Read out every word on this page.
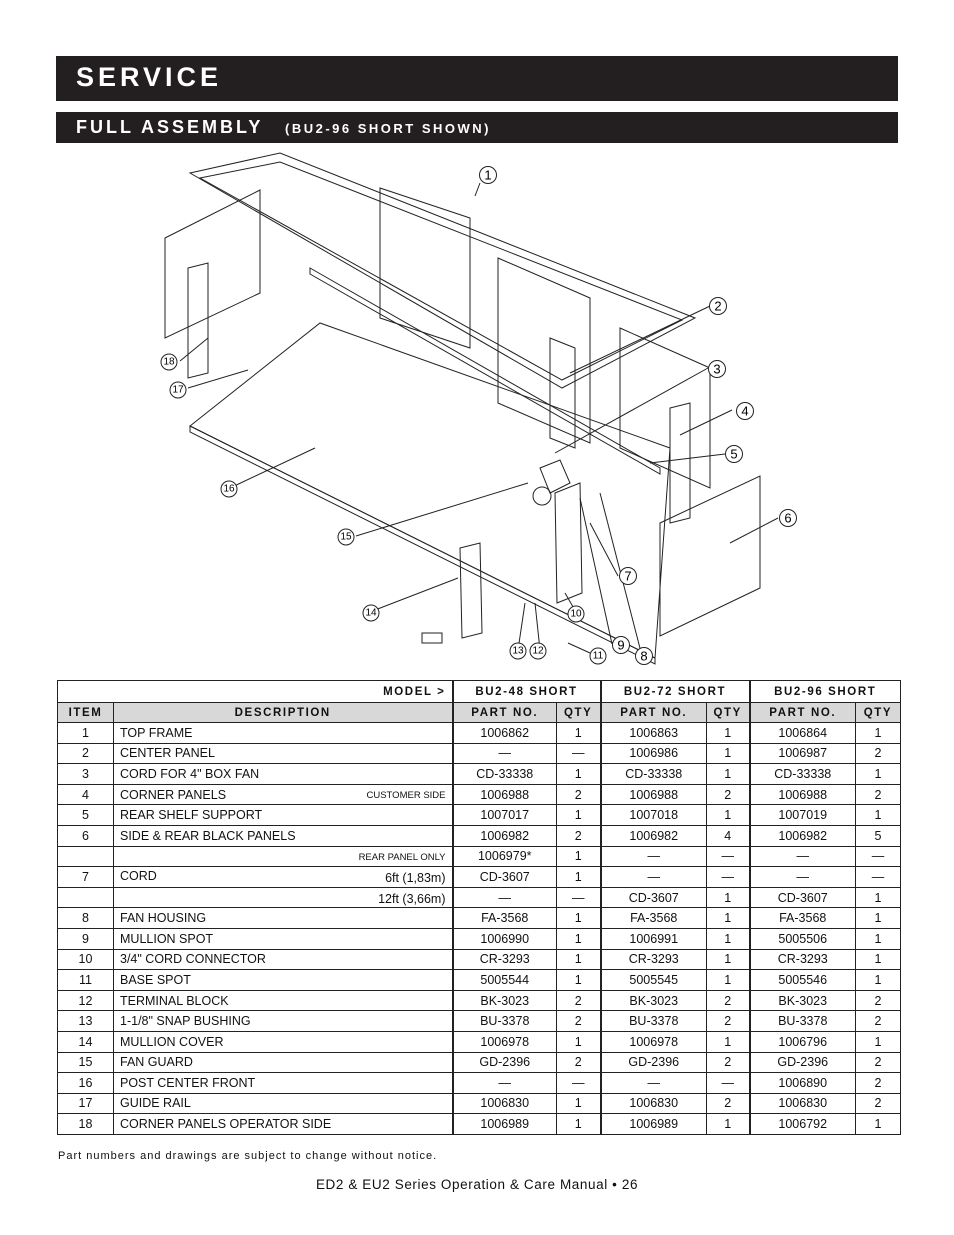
SERVICE
FULL ASSEMBLY (BU2-96 SHORT SHOWN)
1
2
3
4
5
6
7
8
9
10
11
12
13
14
15
16
17
18
MODEL >		BU2-48 SHORT		BU2-72 SHORT		BU2-96 SHORT	
ITEM	DESCRIPTION	PART NO.	QTY	PART NO.	QTY	PART NO.	QTY
1	TOP FRAME	1006862	1	1006863	1	1006864	1
2	CENTER PANEL	—	—	1006986	1	1006987	2
3	CORD FOR 4" BOX FAN	CD-33338	1	CD-33338	1	CD-33338	1
4	CORNER PANELS CUSTOMER SIDE	1006988	2	1006988	2	1006988	2
5	REAR SHELF SUPPORT	1007017	1	1007018	1	1007019	1
6	SIDE & REAR BLACK PANELS	1006982	2	1006982	4	1006982	5

	REAR PANEL ONLY	1006979*	1	—	—	—	—
7	CORD 6ft (1,83m)	CD-3607	1	—	—	—	—

	12ft (3,66m)	—	—	CD-3607	1	CD-3607	1
8	FAN HOUSING	FA-3568	1	FA-3568	1	FA-3568	1
9	MULLION SPOT	1006990	1	1006991	1	5005506	1
10	3/4" CORD CONNECTOR	CR-3293	1	CR-3293	1	CR-3293	1
11	BASE SPOT	5005544	1	5005545	1	5005546	1
12	TERMINAL BLOCK	BK-3023	2	BK-3023	2	BK-3023	2
13	1-1/8" SNAP BUSHING	BU-3378	2	BU-3378	2	BU-3378	2
14	MULLION COVER	1006978	1	1006978	1	1006796	1
15	FAN GUARD	GD-2396	2	GD-2396	2	GD-2396	2
16	POST CENTER FRONT	—	—	—	—	1006890	2
17	GUIDE RAIL	1006830	1	1006830	2	1006830	2
18	CORNER PANELS OPERATOR SIDE	1006989	1	1006989	1	1006792	1
Part numbers and drawings are subject to change without notice.
ED2 & EU2 Series Operation & Care Manual • 26
